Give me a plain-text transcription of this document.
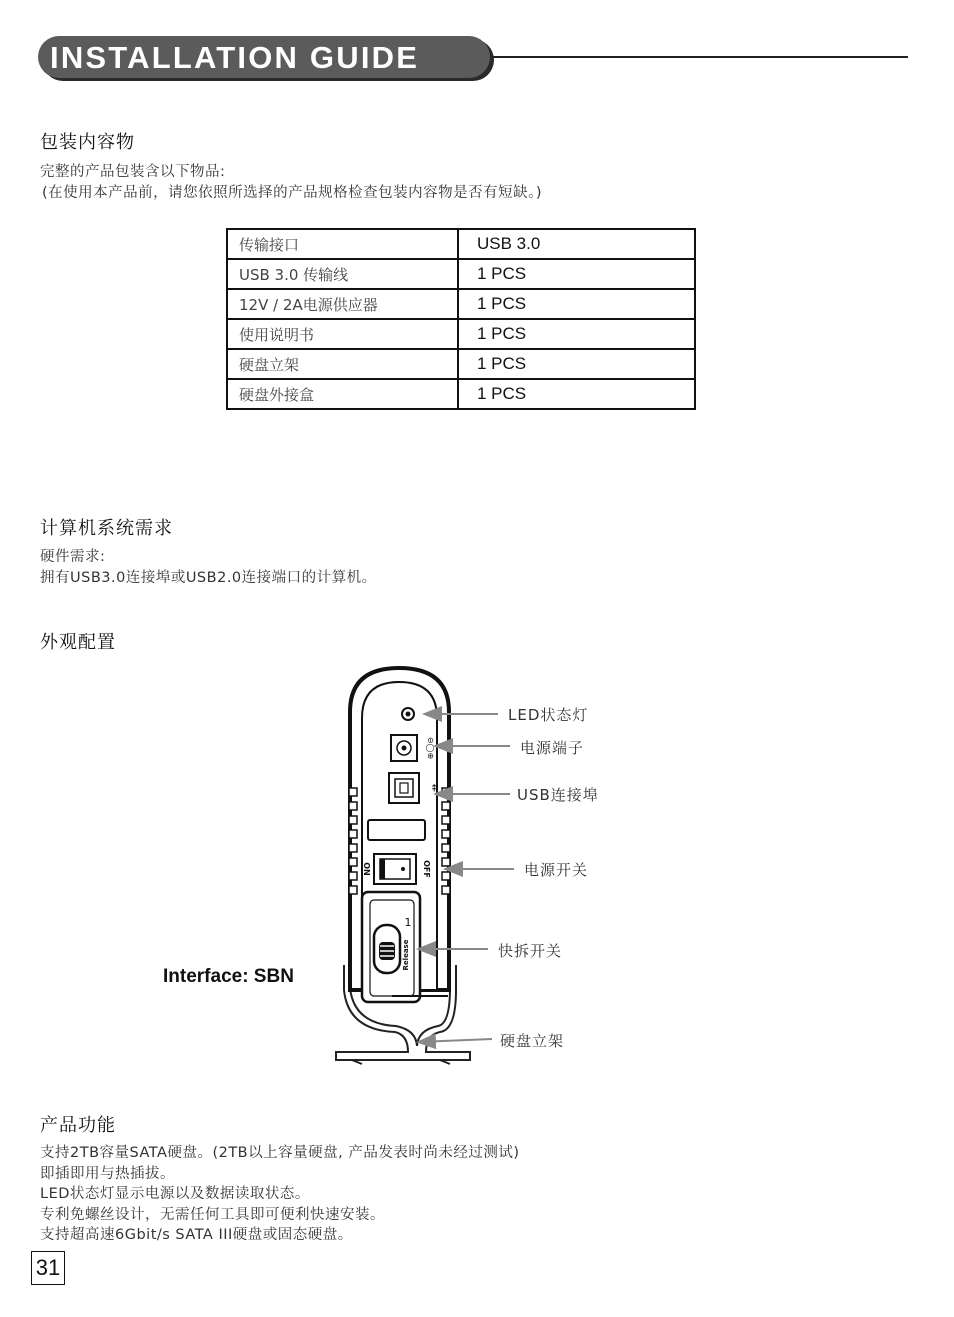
INSTALLATION GUIDE
包装内容物
完整的产品包装含以下物品:
(在使用本产品前，请您依照所选择的产品规格检查包装内容物是否有短缺。)
传输接口	USB 3.0
USB 3.0 传输线	1 PCS
12V / 2A电源供应器	1 PCS
使用说明书	1 PCS
硬盘立架	1 PCS
硬盘外接盒	1 PCS
计算机系统需求
硬件需求:
拥有USB3.0连接埠或USB2.0连接端口的计算机。
外观配置
⊖◯⊕
⇷
ON	OFF
Release
1
LED状态灯
电源端子
USB连接埠
电源开关
快拆开关
硬盘立架
Interface: SBN
产品功能
支持2TB容量SATA硬盘。(2TB以上容量硬盘, 产品发表时尚未经过测试)
即插即用与热插拔。
LED状态灯显示电源以及数据读取状态。
专利免螺丝设计，无需任何工具即可便利快速安装。
支持超高速6Gbit/s SATA III硬盘或固态硬盘。
31
